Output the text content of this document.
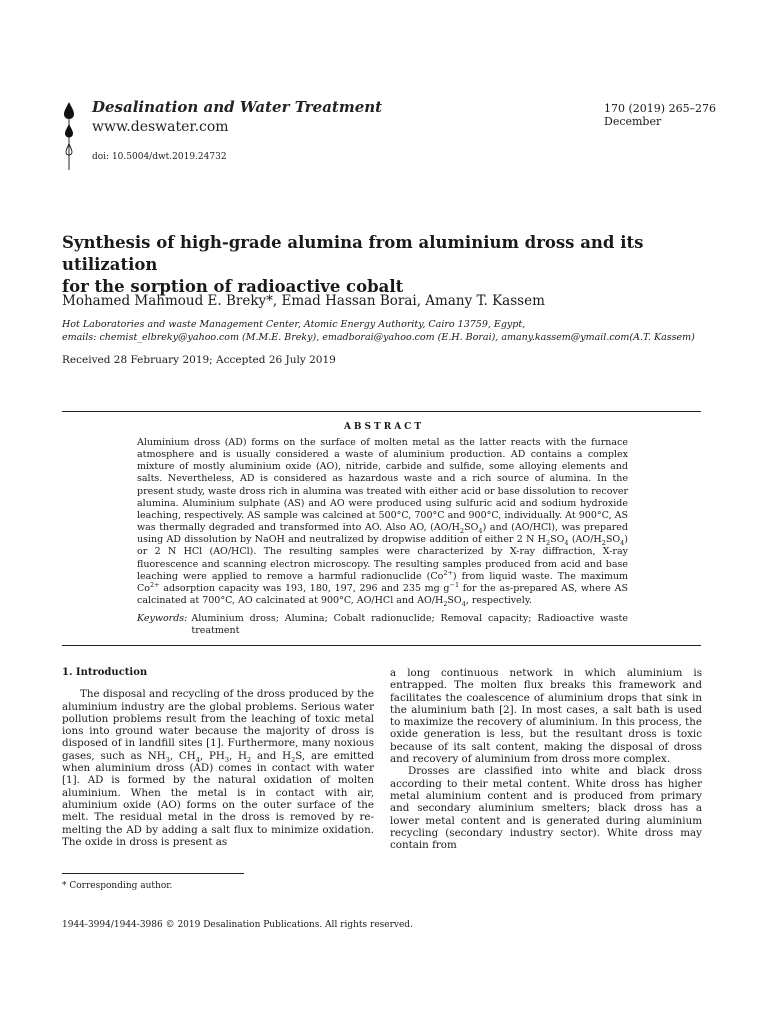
Desalination and Water Treatment
www.deswater.com
doi: 10.5004/dwt.2019.24732
170 (2019) 265–276
December
Synthesis of high-grade alumina from aluminium dross and its utilization
for the sorption of radioactive cobalt
Mohamed Mahmoud E. Breky*, Emad Hassan Borai, Amany T. Kassem
Hot Laboratories and waste Management Center, Atomic Energy Authority, Cairo 13759, Egypt,
emails: chemist_elbreky@yahoo.com (M.M.E. Breky), emadborai@yahoo.com (E.H. Borai), amany.kassem@ymail.com(A.T. Kassem)
Received 28 February 2019; Accepted 26 July 2019
ABSTRACT
Aluminium dross (AD) forms on the surface of molten metal as the latter reacts with the furnace atmosphere and is usually considered a waste of aluminium production. AD contains a complex mixture of mostly aluminium oxide (AO), nitride, carbide and sulfide, some alloying elements and salts. Nevertheless, AD is considered as hazardous waste and a rich source of alumina. In the present study, waste dross rich in alumina was treated with either acid or base dissolution to recover alumina. Aluminium sulphate (AS) and AO were produced using sulfuric acid and sodium hydroxide leaching, respectively. AS sample was calcined at 500°C, 700°C and 900°C, individually. At 900°C, AS was thermally degraded and transformed into AO. Also AO, $(AO/H_2SO_4)$ and (AO/HCl), was prepared using AD dissolution by NaOH and neutralized by dropwise addition of either 2 N $H_2SO_4$ $(AO/H_2SO_4)$ or 2 N HCl (AO/HCl). The resulting samples were characterized by X-ray diffraction, X-ray fluorescence and scanning electron microscopy. The resulting samples produced from acid and base leaching were applied to remove a harmful radionuclide $(Co^{2+})$ from liquid waste. The maximum $Co^{2+}$ adsorption capacity was 193, 180, 197, 296 and 235 mg $g^{-1}$ for the as-prepared AS, where AS calcinated at 700°C, AO calcinated at 900°C, AO/HCl and $AO/H_2SO_4$, respectively.
Keywords: Aluminium dross; Alumina; Cobalt radionuclide; Removal capacity; Radioactive waste treatment
1. Introduction

The disposal and recycling of the dross produced by the aluminium industry are the global problems. Serious water pollution problems result from the leaching of toxic metal ions into ground water because the majority of dross is disposed of in landfill sites [1]. Furthermore, many noxious gases, such as $NH_3$, $CH_4$, $PH_3$, $H_2$ and $H_2S$, are emitted when aluminium dross (AD) comes in contact with water [1]. AD is formed by the natural oxidation of molten aluminium. When the metal is in contact with air, aluminium oxide (AO) forms on the outer surface of the melt. The residual metal in the dross is removed by re-melting the AD by adding a salt flux to minimize oxidation. The oxide in dross is present as

a long continuous network in which aluminium is entrapped. The molten flux breaks this framework and facilitates the coalescence of aluminium drops that sink in the aluminium bath [2]. In most cases, a salt bath is used to maximize the recovery of aluminium. In this process, the oxide generation is less, but the resultant dross is toxic because of its salt content, making the disposal of dross and recovery of aluminium from dross more complex.

Drosses are classified into white and black dross according to their metal content. White dross has higher metal aluminium content and is produced from primary and secondary aluminium smelters; black dross has a lower metal content and is generated during aluminium recycling (secondary industry sector). White dross may contain from

* Corresponding author.
1944-3994/1944-3986 © 2019 Desalination Publications. All rights reserved.
